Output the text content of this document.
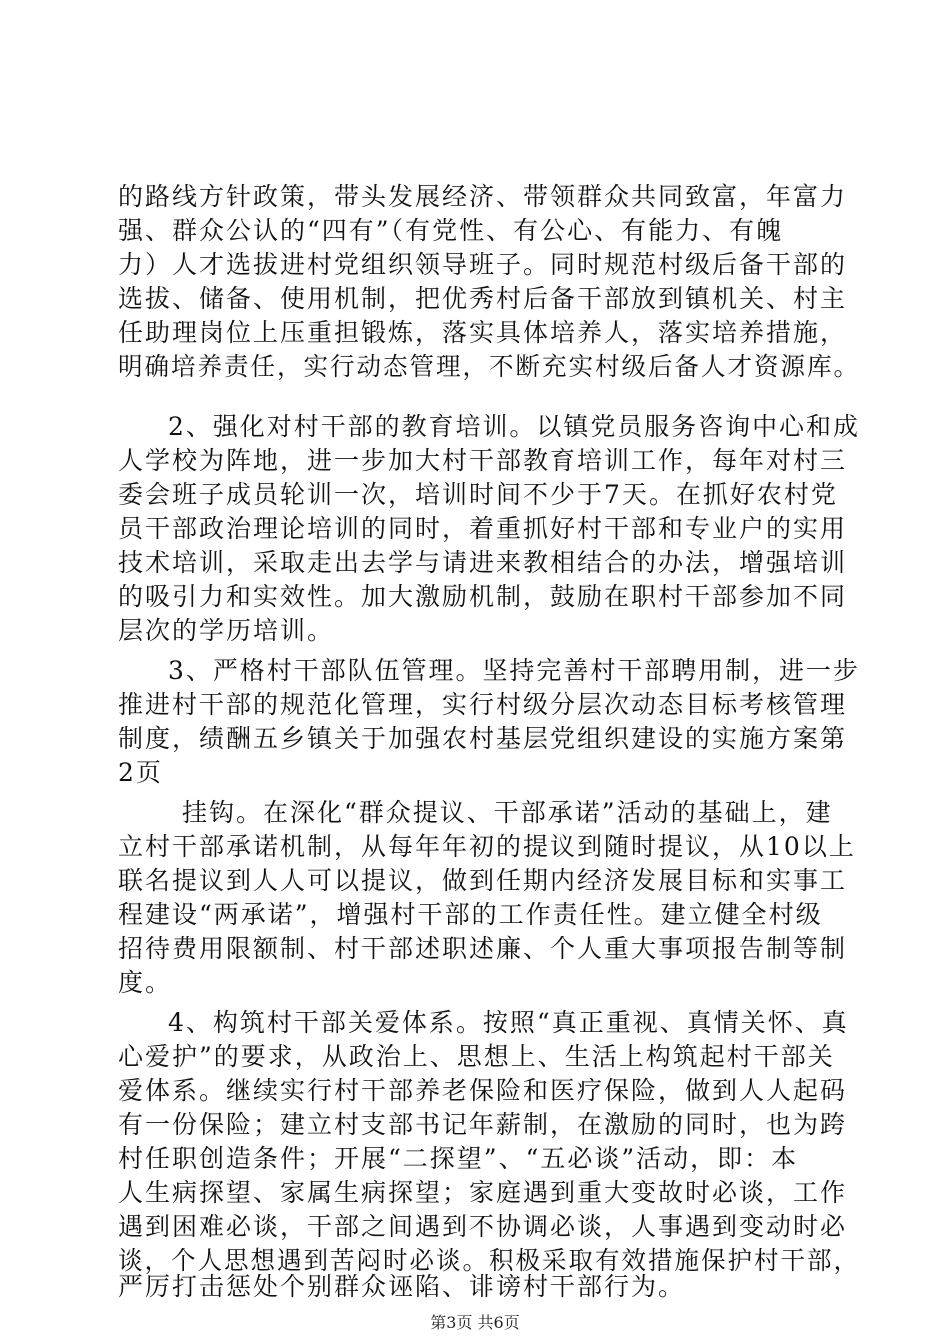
的路线方针政策，带头发展经济、带领群众共同致富，年富力
强、群众公认的“四有”（有党性、有公心、有能力、有魄
力）人才选拔进村党组织领导班子。同时规范村级后备干部的
选拔、储备、使用机制，把优秀村后备干部放到镇机关、村主
任助理岗位上压重担锻炼，落实具体培养人，落实培养措施，
明确培养责任，实行动态管理，不断充实村级后备人才资源库。
2、强化对村干部的教育培训。以镇党员服务咨询中心和成
人学校为阵地，进一步加大村干部教育培训工作，每年对村三
委会班子成员轮训一次，培训时间不少于7天。在抓好农村党
员干部政治理论培训的同时，着重抓好村干部和专业户的实用
技术培训，采取走出去学与请进来教相结合的办法，增强培训
的吸引力和实效性。加大激励机制，鼓励在职村干部参加不同
层次的学历培训。
3、严格村干部队伍管理。坚持完善村干部聘用制，进一步
推进村干部的规范化管理，实行村级分层次动态目标考核管理
制度，绩酬五乡镇关于加强农村基层党组织建设的实施方案第
2页
挂钩。在深化“群众提议、干部承诺”活动的基础上，建
立村干部承诺机制，从每年年初的提议到随时提议，从10以上
联名提议到人人可以提议，做到任期内经济发展目标和实事工
程建设“两承诺”，增强村干部的工作责任性。建立健全村级
招待费用限额制、村干部述职述廉、个人重大事项报告制等制
度。
4、构筑村干部关爱体系。按照“真正重视、真情关怀、真
心爱护”的要求，从政治上、思想上、生活上构筑起村干部关
爱体系。继续实行村干部养老保险和医疗保险，做到人人起码
有一份保险；建立村支部书记年薪制，在激励的同时，也为跨
村任职创造条件；开展“二探望”、“五必谈”活动，即：本
人生病探望、家属生病探望；家庭遇到重大变故时必谈，工作
遇到困难必谈，干部之间遇到不协调必谈，人事遇到变动时必
谈，个人思想遇到苦闷时必谈。积极采取有效措施保护村干部，
严厉打击惩处个别群众诬陷、诽谤村干部行为。
第3页 共6页
